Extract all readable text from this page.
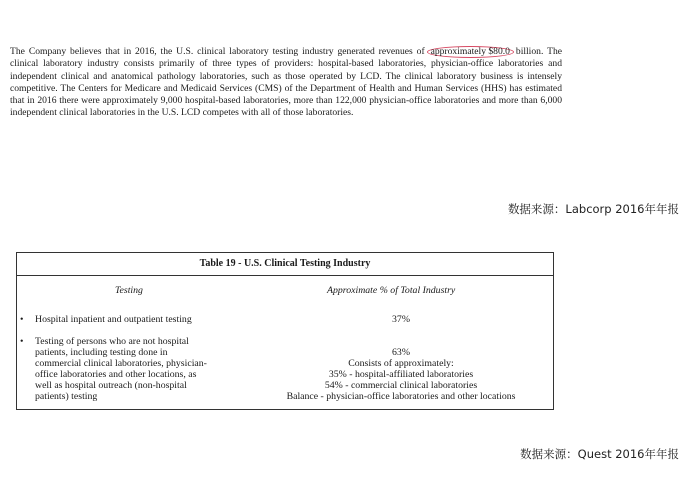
The Company believes that in 2016, the U.S. clinical laboratory testing industry generated revenues of approximately $80.0 billion. The clinical laboratory industry consists primarily of three types of providers: hospital-based laboratories, physician-office laboratories and independent clinical and anatomical pathology laboratories, such as those operated by LCD. The clinical laboratory business is intensely competitive. The Centers for Medicare and Medicaid Services (CMS) of the Department of Health and Human Services (HHS) has estimated that in 2016 there were approximately 9,000 hospital-based laboratories, more than 122,000 physician-office laboratories and more than 6,000 independent clinical laboratories in the U.S. LCD competes with all of those laboratories.
数据来源：Labcorp 2016年年报
Table 19 - U.S. Clinical Testing Industry
Testing	Approximate % of Total Industry
• Hospital inpatient and outpatient testing	37%
• Testing of persons who are not hospital
patients, including testing done in
commercial clinical laboratories, physician-
office laboratories and other locations, as
well as hospital outreach (non-hospital
patients) testing
63%
Consists of approximately:
35% - hospital-affiliated laboratories
54% - commercial clinical laboratories
Balance - physician-office laboratories and other locations
数据来源：Quest 2016年年报
